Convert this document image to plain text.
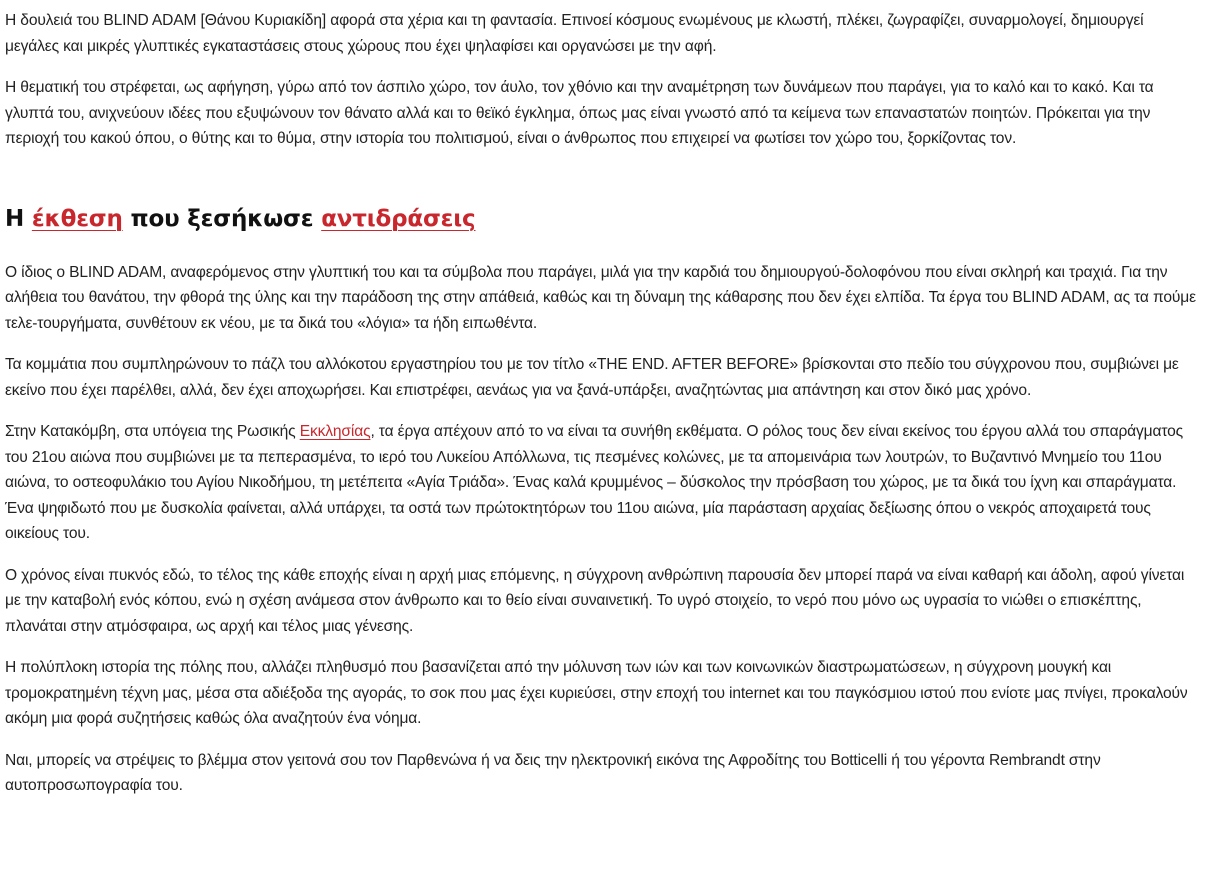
Η δουλειά του BLIND ADAM [Θάνου Κυριακίδη] αφορά στα χέρια και τη φαντασία. Επινοεί κόσμους ενωμένους με κλωστή, πλέκει, ζωγραφίζει, συναρμολογεί, δημιουργεί μεγάλες και μικρές γλυπτικές εγκαταστάσεις στους χώρους που έχει ψηλαφίσει και οργανώσει με την αφή.

Η θεματική του στρέφεται, ως αφήγηση, γύρω από τον άσπιλο χώρο, τον άυλο, τον χθόνιο και την αναμέτρηση των δυνάμεων που παράγει, για το καλό και το κακό. Και τα γλυπτά του, ανιχνεύουν ιδέες που εξυψώνουν τον θάνατο αλλά και το θεϊκό έγκλημα, όπως μας είναι γνωστό από τα κείμενα των επαναστατών ποιητών. Πρόκειται για την περιοχή του κακού όπου, ο θύτης και το θύμα, στην ιστορία του πολιτισμού, είναι ο άνθρωπος που επιχειρεί να φωτίσει τον χώρο του, ξορκίζοντας τον.

Η έκθεση που ξεσήκωσε αντιδράσεις

Ο ίδιος ο BLIND ADAM, αναφερόμενος στην γλυπτική του και τα σύμβολα που παράγει, μιλά για την καρδιά του δημιουργού-δολοφόνου που είναι σκληρή και τραχιά. Για την αλήθεια του θανάτου, την φθορά της ύλης και την παράδοση της στην απάθειά, καθώς και τη δύναμη της κάθαρσης που δεν έχει ελπίδα. Τα έργα του BLIND ADAM, ας τα πούμε τελε-τουργήματα, συνθέτουν εκ νέου, με τα δικά του «λόγια» τα ήδη ειπωθέντα.

Τα κομμάτια που συμπληρώνουν το πάζλ του αλλόκοτου εργαστηρίου του με τον τίτλο «THE END. AFTER BEFORE» βρίσκονται στο πεδίο του σύγχρονου που, συμβιώνει με εκείνο που έχει παρέλθει, αλλά, δεν έχει αποχωρήσει. Και επιστρέφει, αενάως για να ξανά-υπάρξει, αναζητώντας μια απάντηση και στον δικό μας χρόνο.

Στην Κατακόμβη, στα υπόγεια της Ρωσικής Εκκλησίας, τα έργα απέχουν από το να είναι τα συνήθη εκθέματα. Ο ρόλος τους δεν είναι εκείνος του έργου αλλά του σπαράγματος του 21ου αιώνα που συμβιώνει με τα πεπερασμένα, το ιερό του Λυκείου Απόλλωνα, τις πεσμένες κολώνες, με τα απομεινάρια των λουτρών, το Βυζαντινό Μνημείο του 11ου αιώνα, το οστεοφυλάκιο του Αγίου Νικοδήμου, τη μετέπειτα «Αγία Τριάδα». Ένας καλά κρυμμένος – δύσκολος την πρόσβαση του χώρος, με τα δικά του ίχνη και σπαράγματα. Ένα ψηφιδωτό που με δυσκολία φαίνεται, αλλά υπάρχει, τα οστά των πρώτοκτητόρων του 11ου αιώνα, μία παράσταση αρχαίας δεξίωσης όπου ο νεκρός αποχαιρετά τους οικείους του.

Ο χρόνος είναι πυκνός εδώ, το τέλος της κάθε εποχής είναι η αρχή μιας επόμενης, η σύγχρονη ανθρώπινη παρουσία δεν μπορεί παρά να είναι καθαρή και άδολη, αφού γίνεται με την καταβολή ενός κόπου, ενώ η σχέση ανάμεσα στον άνθρωπο και το θείο είναι συναινετική. Το υγρό στοιχείο, το νερό που μόνο ως υγρασία το νιώθει ο επισκέπτης, πλανάται στην ατμόσφαιρα, ως αρχή και τέλος μιας γένεσης.

Η πολύπλοκη ιστορία της πόλης που, αλλάζει πληθυσμό που βασανίζεται από την μόλυνση των ιών και των κοινωνικών διαστρωματώσεων, η σύγχρονη μουγκή και τρομοκρατημένη τέχνη μας, μέσα στα αδιέξοδα της αγοράς, το σοκ που μας έχει κυριεύσει, στην εποχή του internet και του παγκόσμιου ιστού που ενίοτε μας πνίγει, προκαλούν ακόμη μια φορά συζητήσεις καθώς όλα αναζητούν ένα νόημα.

Ναι, μπορείς να στρέψεις το βλέμμα στον γειτονά σου τον Παρθενώνα ή να δεις την ηλεκτρονική εικόνα της Αφροδίτης του Botticelli ή του γέροντα Rembrandt στην αυτοπροσωπογραφία του.
